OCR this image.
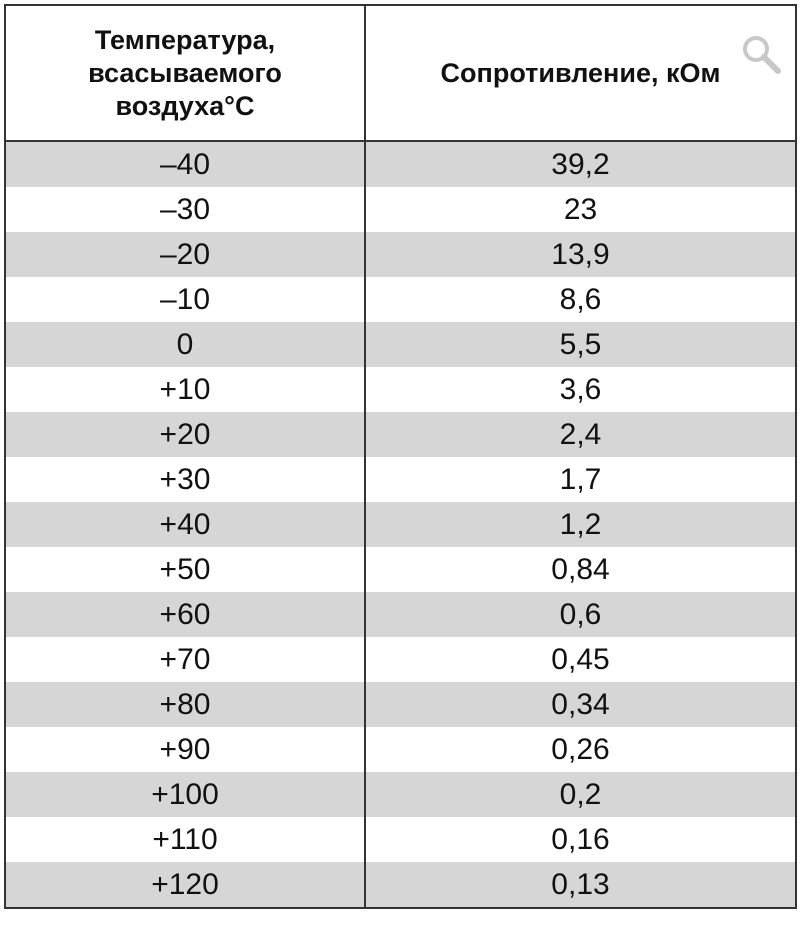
Температура,
всасываемого
воздуха°С	Сопротивление, кОм

–40	39,2
–30	23
–20	13,9
–10	8,6
0	5,5
+10	3,6
+20	2,4
+30	1,7
+40	1,2
+50	0,84
+60	0,6
+70	0,45
+80	0,34
+90	0,26
+100	0,2
+110	0,16
+120	0,13
